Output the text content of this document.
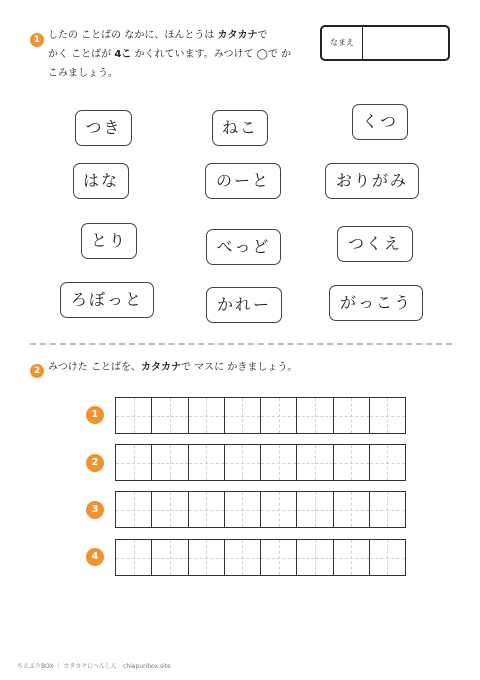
1 したの ことばの なかに、ほんとうは カタカナで
かく ことばが 4こ かくれています。みつけて ◯で か
こみましょう。
なまえ
つき	ねこ	くつ
はな	のーと	おりがみ
とり	べっど	つくえ
ろぼっと	かれー	がっこう
2 みつけた ことばを、カタカナで マスに かきましょう。
1
2
3
4
ちえぶりBOX ｜ カタカナにへんしん　chiepuribox.site
